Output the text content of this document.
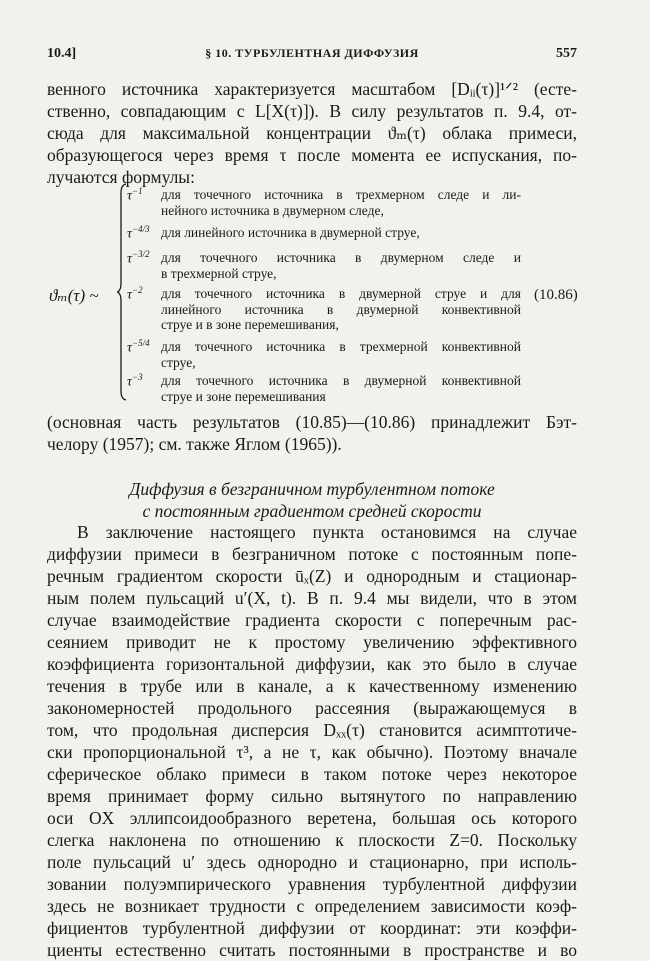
10.4]	§ 10. ТУРБУЛЕНТНАЯ ДИФФУЗИЯ	557
венного источника характеризуется масштабом [Dᵢᵢ(τ)]¹ᐟ² (есте-
ственно, совпадающим с L[X(τ)]). В силу результатов п. 9.4, от-
сюда для максимальной концентрации ϑₘ(τ) облака примеси,
образующегося через время τ после момента ее испускания, по-
лучаются формулы:
ϑₘ(τ) ~	(10.86)
$\tau^{-1}$ для точечного источника в трехмерном следе и ли-
нейного источника в двумерном следе,
$\tau^{-4/3}$ для линейного источника в двумерной струе,
$\tau^{-3/2}$ для точечного источника в двумерном следе и
в трехмерной струе,
$\tau^{-2}$ для точечного источника в двумерной струе и для
линейного источника в двумерной конвективной
струе и в зоне перемешивания,
$\tau^{-5/4}$ для точечного источника в трехмерной конвективной
струе,
$\tau^{-3}$ для точечного источника в двумерной конвективной
струе и зоне перемешивания
(основная часть результатов (10.85)—(10.86) принадлежит Бэт-
челору (1957); см. также Яглом (1965)).
Диффузия в безграничном турбулентном потоке
с постоянным градиентом средней скорости
В заключение настоящего пункта остановимся на случае
диффузии примеси в безграничном потоке с постоянным попе-
речным градиентом скорости ūₓ(Z) и однородным и стационар-
ным полем пульсаций u′(X, t). В п. 9.4 мы видели, что в этом
случае взаимодействие градиента скорости с поперечным рас-
сеянием приводит не к простому увеличению эффективного
коэффициента горизонтальной диффузии, как это было в случае
течения в трубе или в канале, а к качественному изменению
закономерностей продольного рассеяния (выражающемуся в
том, что продольная дисперсия Dₓₓ(τ) становится асимптотиче-
ски пропорциональной τ³, а не τ, как обычно). Поэтому вначале
сферическое облако примеси в таком потоке через некоторое
время принимает форму сильно вытянутого по направлению
оси OX эллипсоидообразного веретена, большая ось которого
слегка наклонена по отношению к плоскости Z=0. Поскольку
поле пульсаций u′ здесь однородно и стационарно, при исполь-
зовании полуэмпирического уравнения турбулентной диффузии
здесь не возникает трудности с определением зависимости коэф-
фициентов турбулентной диффузии от координат: эти коэффи-
циенты естественно считать постоянными в пространстве и во
